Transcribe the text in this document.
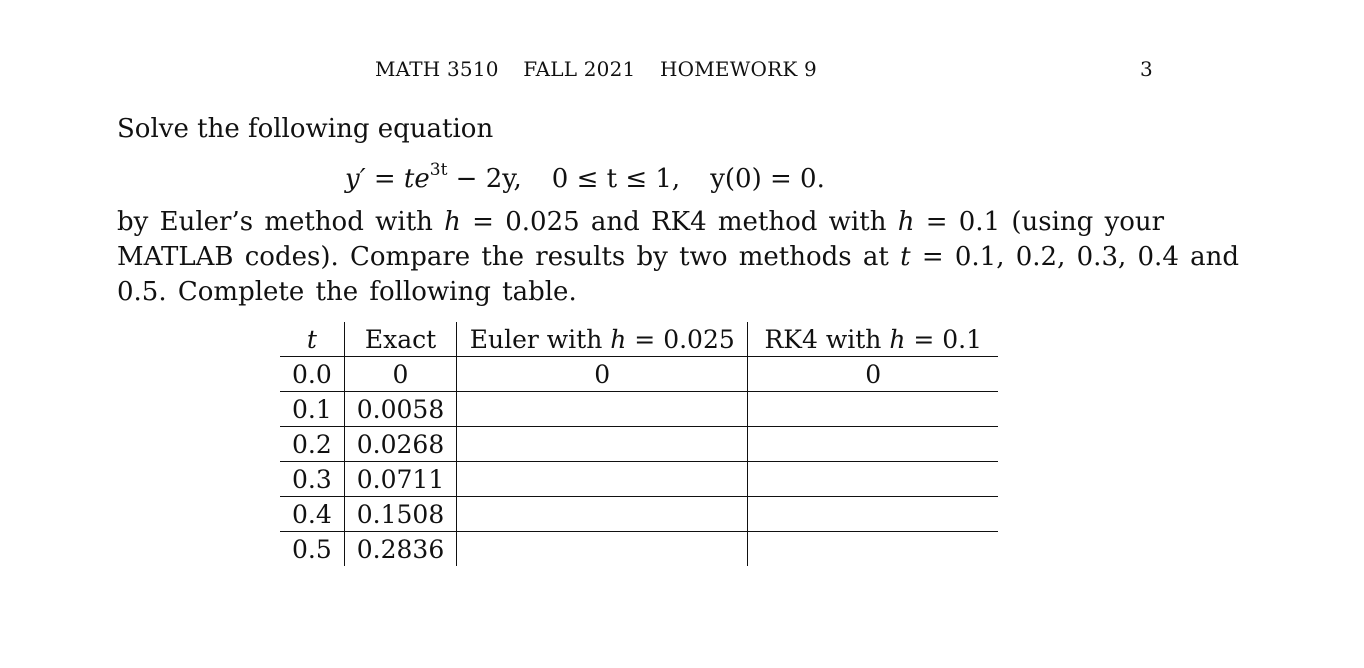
MATH 3510 FALL 2021 HOMEWORK 9	3
Solve the following equation
$y' = te^{3t} - 2y$, 0 ≤ t ≤ 1, y(0) = 0.
by Euler’s method with h = 0.025 and RK4 method with h = 0.1 (using your
MATLAB codes). Compare the results by two methods at t = 0.1, 0.2, 0.3, 0.4 and
0.5. Complete the following table.
t	Exact	Euler with h = 0.025	RK4 with h = 0.1
0.0	0	0	0
0.1	0.0058		
0.2	0.0268		
0.3	0.0711		
0.4	0.1508		
0.5	0.2836		
